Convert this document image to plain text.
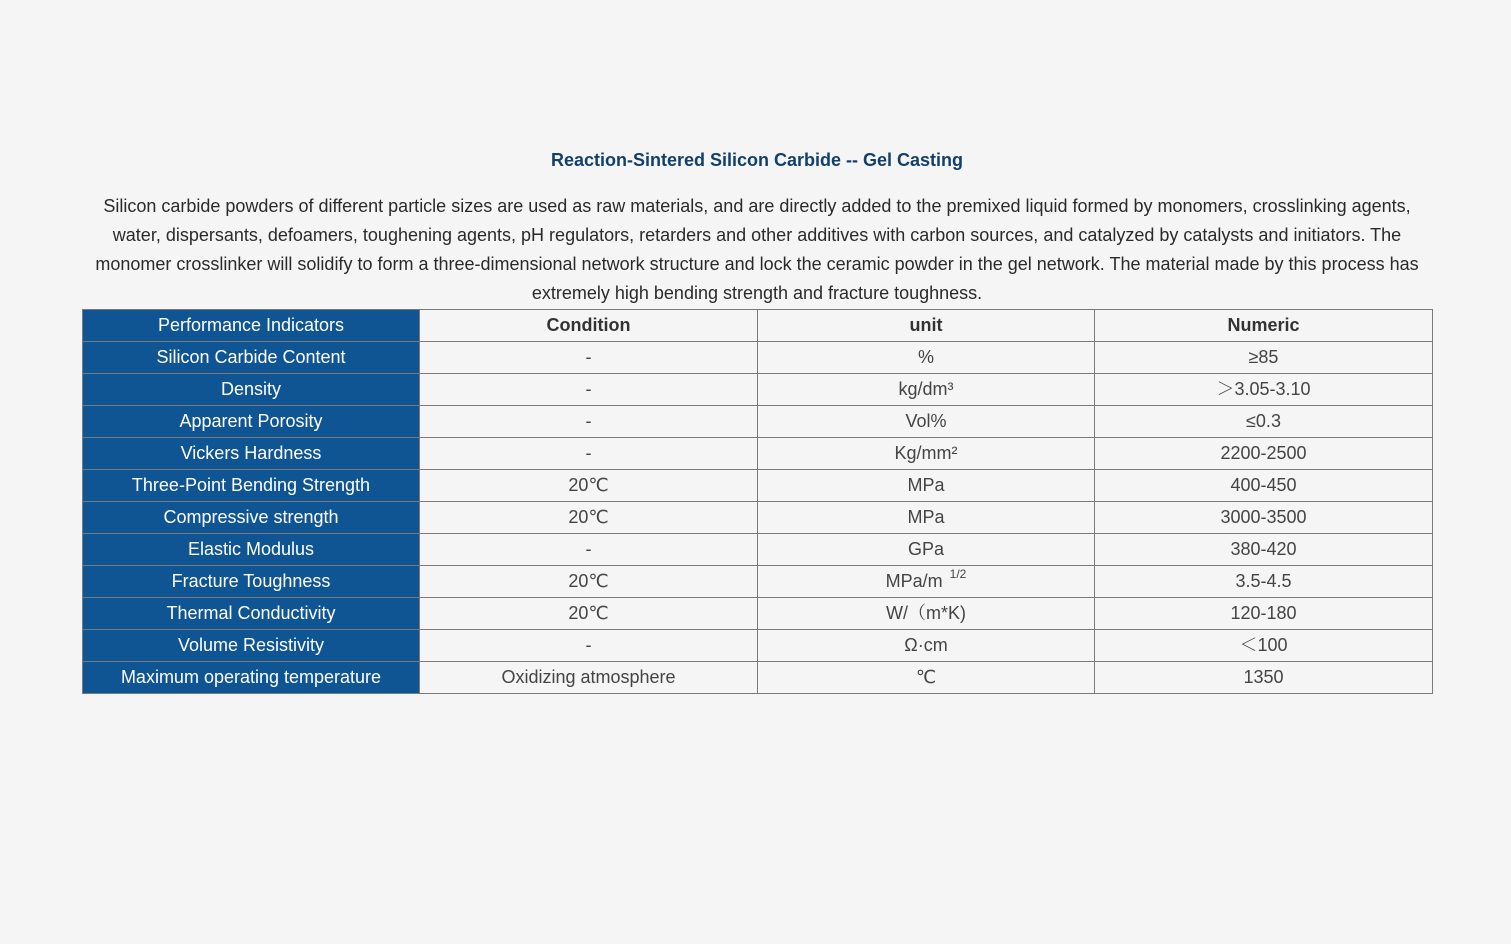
Reaction-Sintered Silicon Carbide -- Gel Casting

Silicon carbide powders of different particle sizes are used as raw materials, and are directly added to the premixed liquid formed by monomers, crosslinking agents, water, dispersants, defoamers, toughening agents, pH regulators, retarders and other additives with carbon sources, and catalyzed by catalysts and initiators. The monomer crosslinker will solidify to form a three-dimensional network structure and lock the ceramic powder in the gel network. The material made by this process has extremely high bending strength and fracture toughness.

Performance Indicators	Condition	unit	Numeric
Silicon Carbide Content	-	%	≥85
Density	-	kg/dm³	＞3.05-3.10
Apparent Porosity	-	Vol%	≤0.3
Vickers Hardness	-	Kg/mm²	2200-2500
Three-Point Bending Strength	20℃	MPa	400-450
Compressive strength	20℃	MPa	3000-3500
Elastic Modulus	-	GPa	380-420
Fracture Toughness	20℃	MPa/m $^{1/2}$	3.5-4.5
Thermal Conductivity	20℃	W/（m*K)	120-180
Volume Resistivity	-	Ω·cm	＜100
Maximum operating temperature	Oxidizing atmosphere	℃	1350
